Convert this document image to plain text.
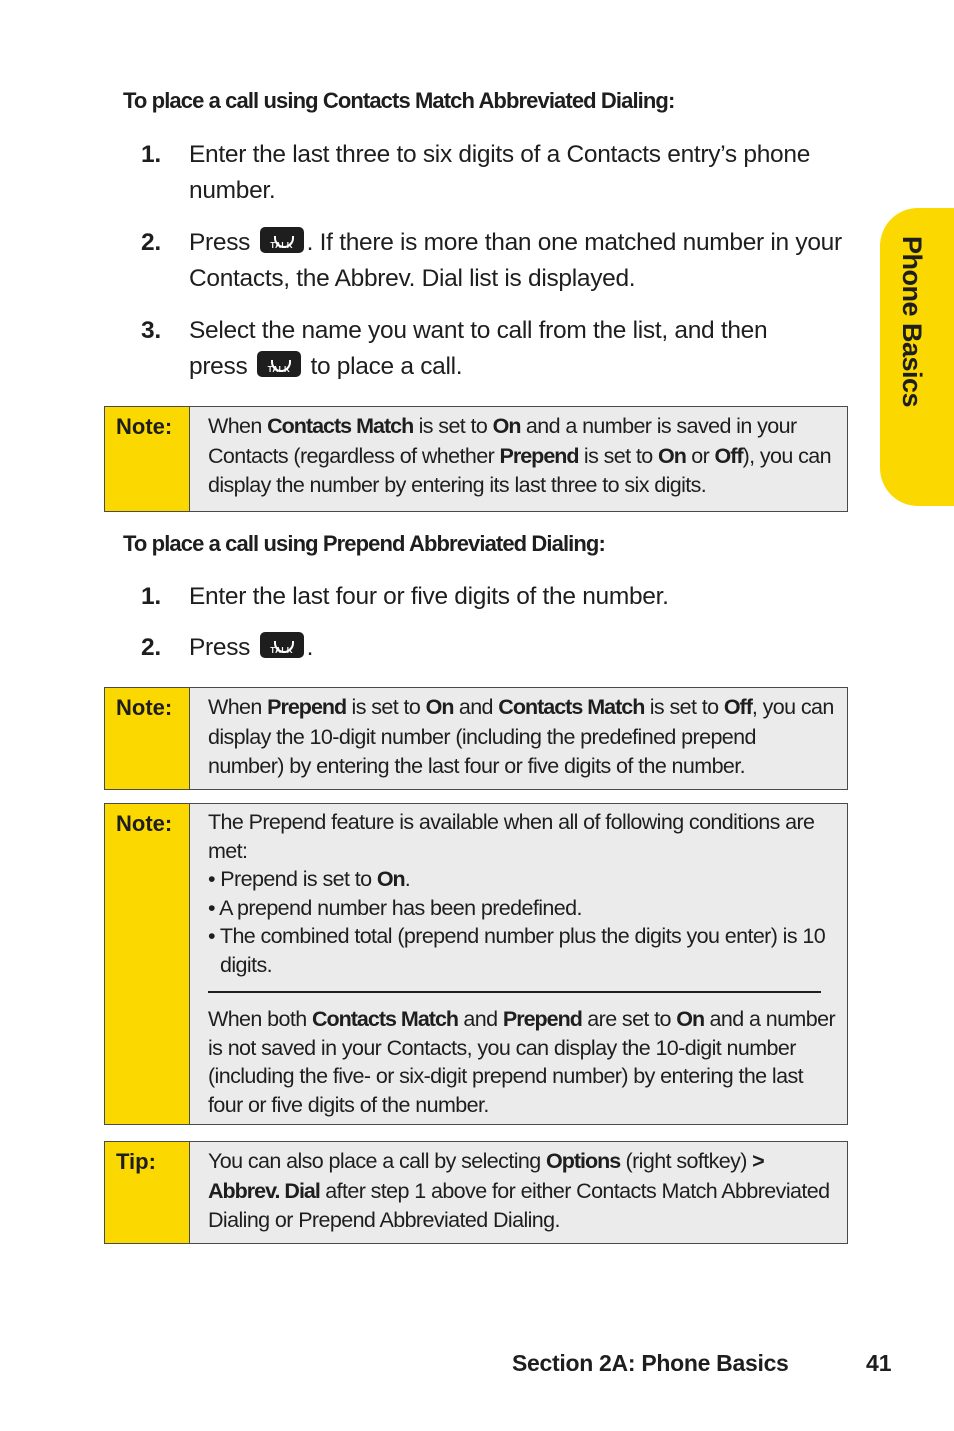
Phone Basics
To place a call using Contacts Match Abbreviated Dialing:
1. Enter the last three to six digits of a Contacts entry’s phone number.
2. Press	TALK . If there is more than one matched number in your Contacts, the Abbrev. Dial list is displayed.
3. Select the name you want to call from the list, and then
press	TALK to place a call.
Note: When Contacts Match is set to On and a number is saved in your Contacts (regardless of whether Prepend is set to On or Off), you can display the number by entering its last three to six digits.
To place a call using Prepend Abbreviated Dialing:
1. Enter the last four or five digits of the number.
2. Press	TALK .
Note: When Prepend is set to On and Contacts Match is set to Off, you can display the 10-digit number (including the predefined prepend number) by entering the last four or five digits of the number.
Note: The Prepend feature is available when all of following conditions are met:
• Prepend is set to On.
• A prepend number has been predefined.
• The combined total (prepend number plus the digits you enter) is 10 digits.
When both Contacts Match and Prepend are set to On and a number is not saved in your Contacts, you can display the 10-digit number (including the five- or six-digit prepend number) by entering the last four or five digits of the number.
Tip: You can also place a call by selecting Options (right softkey) > Abbrev. Dial after step 1 above for either Contacts Match Abbreviated Dialing or Prepend Abbreviated Dialing.
Section 2A: Phone Basics	41
